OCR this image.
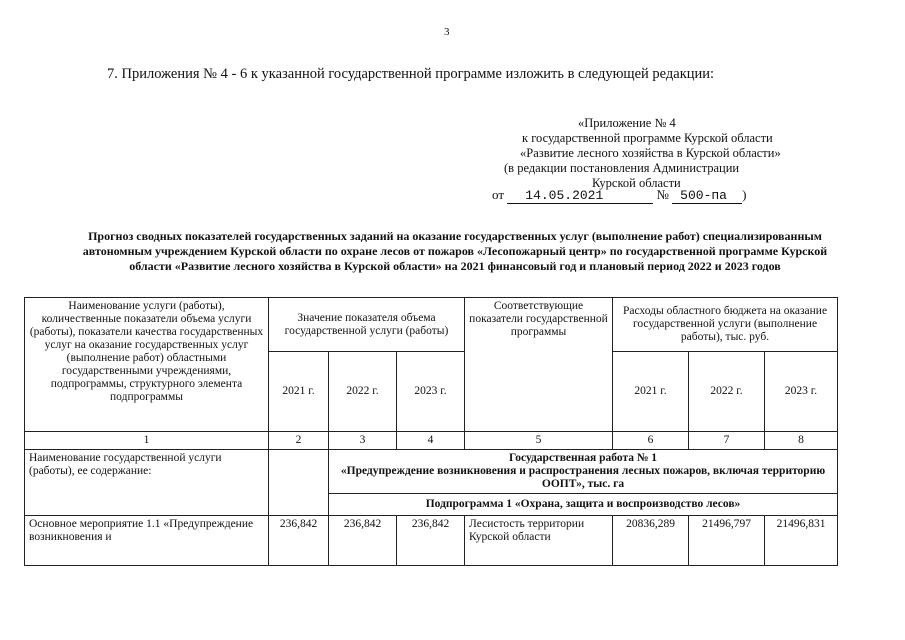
3
7. Приложения № 4 - 6 к указанной государственной программе изложить в следующей редакции:
«Приложение № 4
к государственной программе Курской области
«Развитие лесного хозяйства в Курской области»
(в редакции постановления Администрации
Курской области
от 14.05.2021	№ 500-па )
Прогноз сводных показателей государственных заданий на оказание государственных услуг (выполнение работ) специализированным автономным учреждением Курской области по охране лесов от пожаров «Лесопожарный центр» по государственной программе Курской области «Развитие лесного хозяйства в Курской области» на 2021 финансовый год и плановый период 2022 и 2023 годов
Наименование услуги (работы), количественные показатели объема услуги (работы), показатели качества государственных услуг на оказание государственных услуг (выполнение работ) областными государственными учреждениями, подпрограммы, структурного элемента подпрограммы	Значение показателя объема государственной услуги (работы)			Соответствующие показатели государственной программы	Расходы областного бюджета на оказание государственной услуги (выполнение работы), тыс. руб.		
	2021 г.	2022 г.	2023 г.		2021 г.	2022 г.	2023 г.
1	2	3	4	5	6	7	8
Наименование государственной услуги (работы), ее содержание:		Государственная работа № 1
«Предупреждение возникновения и распространения лесных пожаров, включая территорию ООПТ», тыс. га					

		Подпрограмма 1 «Охрана, защита и воспроизводство лесов»					
Основное мероприятие 1.1 «Предупреждение возникновения и	236,842	236,842	236,842	Лесистость территории Курской области	20836,289	21496,797	21496,831
